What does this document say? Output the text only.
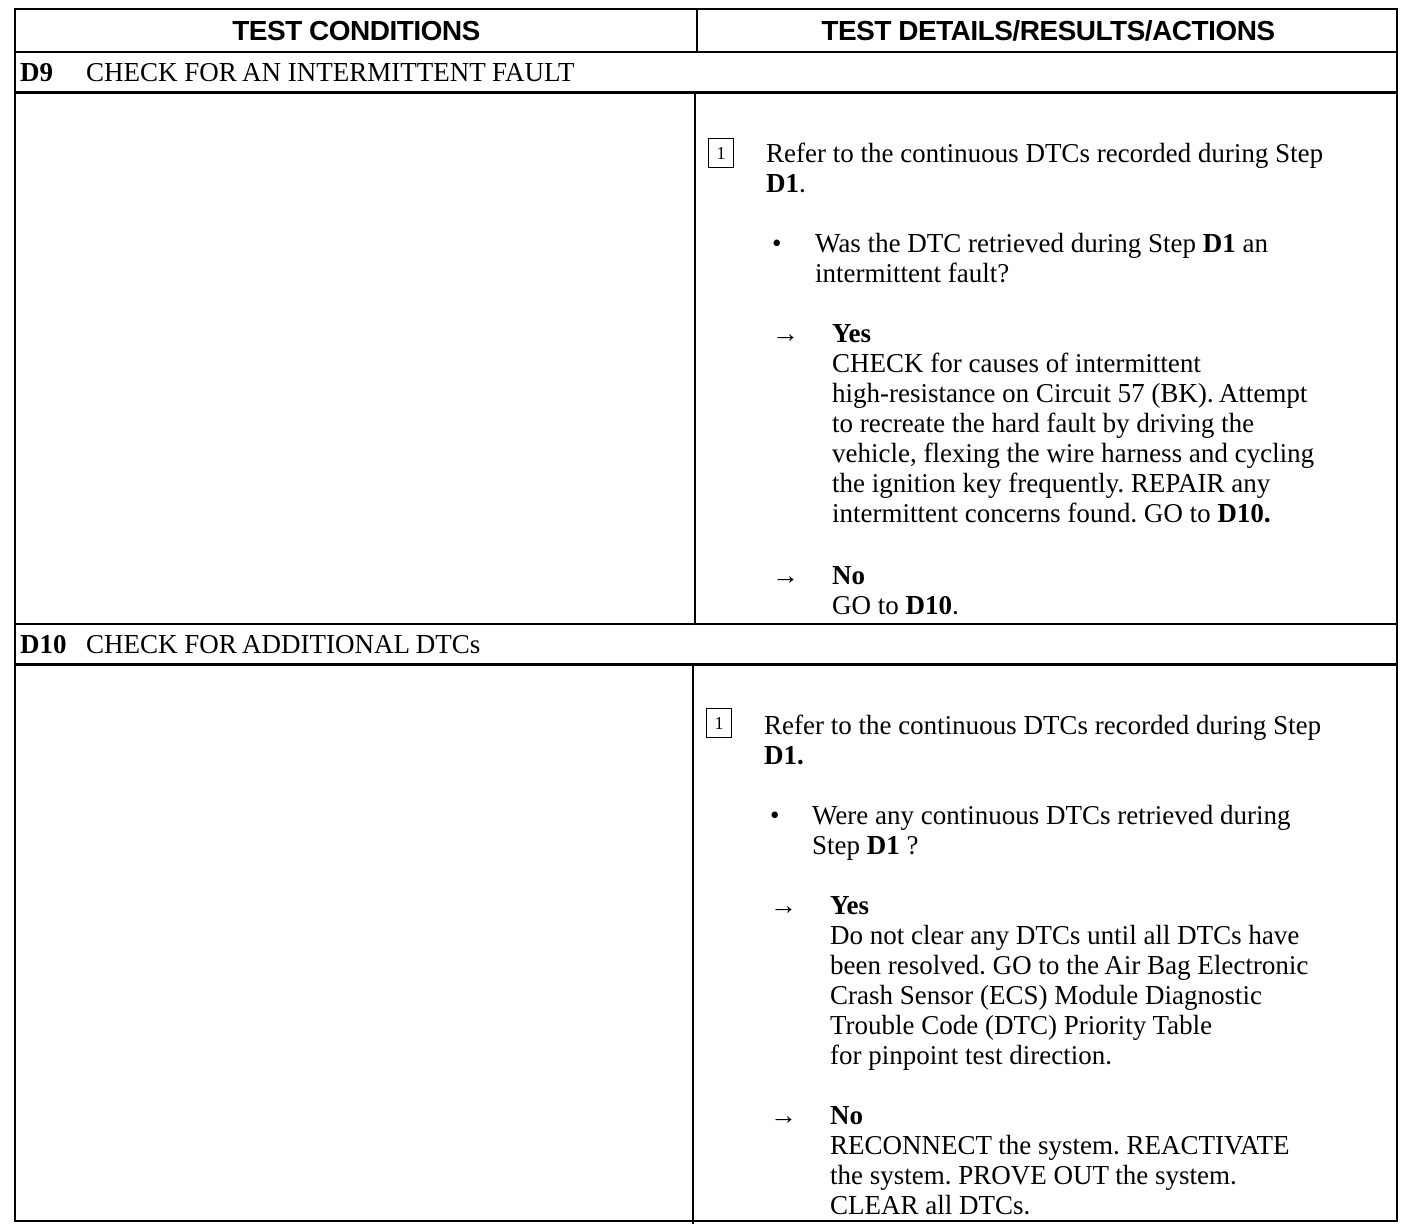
TEST CONDITIONS	TEST DETAILS/RESULTS/ACTIONS
D9	CHECK FOR AN INTERMITTENT FAULT
1	Refer to the continuous DTCs recorded during Step
D1.
• Was the DTC retrieved during Step D1 an
intermittent fault?
→ Yes
CHECK for causes of intermittent
high-resistance on Circuit 57 (BK). Attempt
to recreate the hard fault by driving the
vehicle, flexing the wire harness and cycling
the ignition key frequently. REPAIR any
intermittent concerns found. GO to D10.
→ No
GO to D10.
D10 CHECK FOR ADDITIONAL DTCs
1	Refer to the continuous DTCs recorded during Step
D1.
• Were any continuous DTCs retrieved during
Step D1 ?
→ Yes
Do not clear any DTCs until all DTCs have
been resolved. GO to the Air Bag Electronic
Crash Sensor (ECS) Module Diagnostic
Trouble Code (DTC) Priority Table
for pinpoint test direction.
→ No
RECONNECT the system. REACTIVATE
the system. PROVE OUT the system.
CLEAR all DTCs.
